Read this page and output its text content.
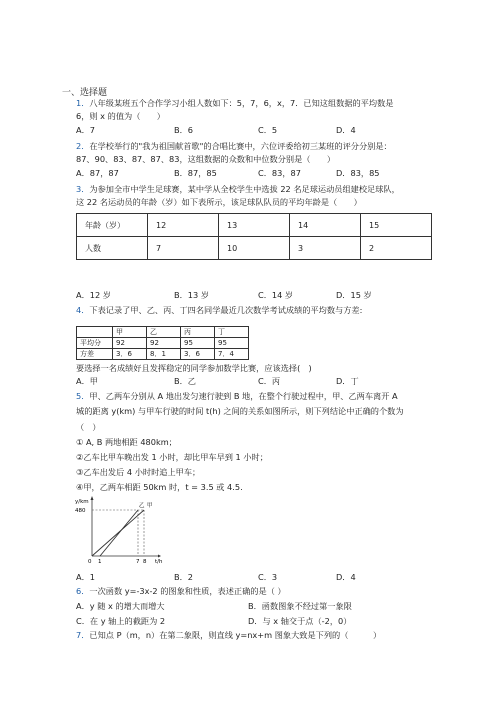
一、选择题
1．八年级某班五个合作学习小组人数如下：5，7，6，x，7．已知这组数据的平均数是
6，则 x 的值为（　　）
A．7	B．6	C．5	D．4
2．在学校举行的"我为祖国献首歌"的合唱比赛中，六位评委给初三某班的评分分别是：
87、90、83、87、87、83，这组数据的众数和中位数分别是（　　）
A．87，87	B．87，85	C．83，87	D．83，85
3．为参加全市中学生足球赛，某中学从全校学生中选拔 22 名足球运动员组建校足球队，
这 22 名运动员的年龄（岁）如下表所示，该足球队队员的平均年龄是（　　）
年龄（岁）	12	13	14	15
人数	7	10	3	2
A．12 岁	B．13 岁	C．14 岁	D．15 岁
4．下表记录了甲、乙、丙、丁四名同学最近几次数学考试成绩的平均数与方差:
	甲	乙	丙	丁
平均分	92	92	95	95
方差	3．6	8．1	3．6	7．4
要选择一名成绩好且发挥稳定的同学参加数学比赛，应该选择(　)
A．甲	B．乙	C．丙	D．丁
5．甲、乙两车分别从 A 地出发匀速行驶到 B 地，在整个行驶过程中，甲、乙两车离开 A
城的距离 y(km) 与甲车行驶的时间 t(h) 之间的关系如图所示，则下列结论中正确的个数为
（　）
① A, B 两地相距 480km；
②乙车比甲车晚出发 1 小时，却比甲车早到 1 小时；
③乙车出发后 4 小时时追上甲车；
④甲，乙两车相距 50km 时，t = 3.5 或 4.5.
y/km
480
t/h
0 1	7 8
乙 甲
A．1	B．2	C．3	D．4
6．一次函数 y=-3x-2 的图象和性质，表述正确的是（ ）
A．y 随 x 的增大而增大	B．函数图象不经过第一象限
C．在 y 轴上的截距为 2	D．与 x 轴交于点（-2，0）
7．已知点 P（m，n）在第二象限，则直线 y=nx+m 图象大致是下列的（　　　）
